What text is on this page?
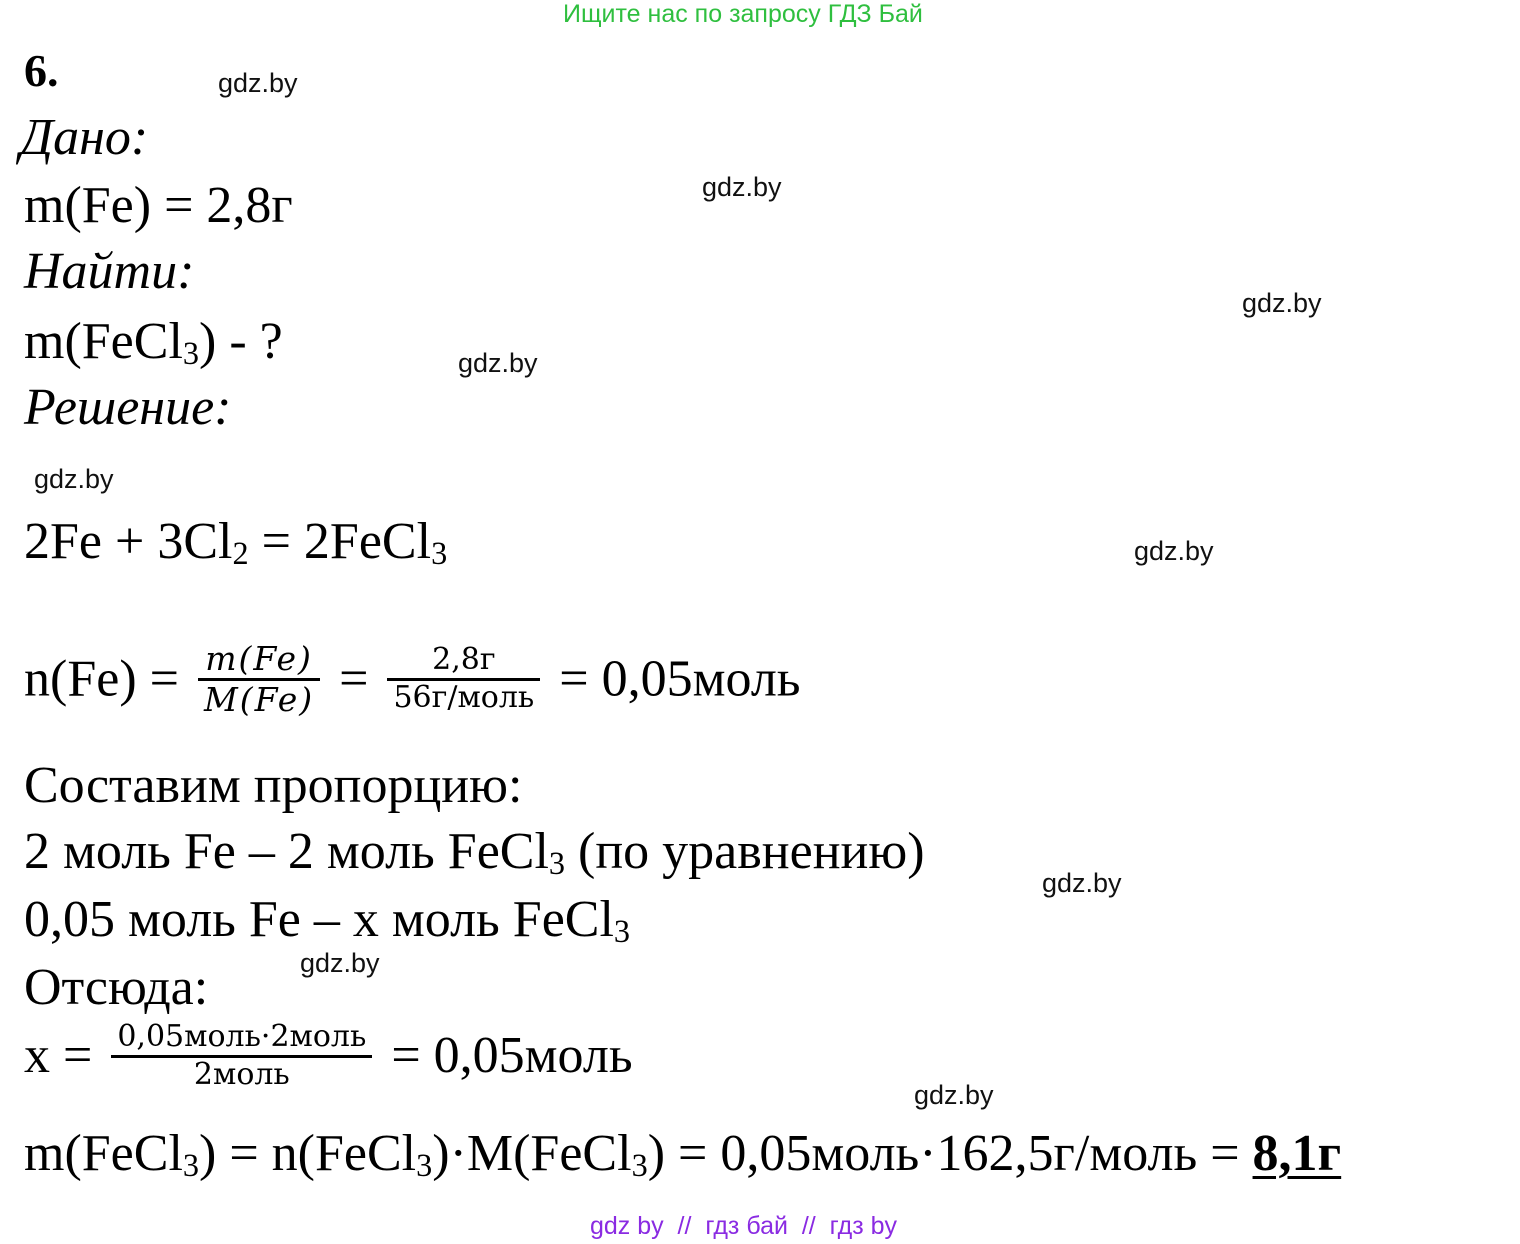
Ищите нас по запросу ГДЗ Бай
6.	gdz.by
gdz.by
gdz.by
gdz.by
gdz.by
gdz.by
gdz.by
gdz.by
gdz.by
Дано:
m(Fe) = 2,8г
Найти:
m(FeCl3) - ?
Решение:
2Fe + 3Cl2 = 2FeCl3
$n(Fe) = \frac{m(Fe)}{M(Fe)} = \frac{2,8г}{\text{56г/моль}}$ = 0,05моль
Составим пропорцию:
2 моль Fe – 2 моль FeCl3 (по уравнению)
0,05 моль Fe – x моль FeCl3
Отсюда:
$x = \frac{\text{0,05моль·2моль}}{\text{2моль}}$ = 0,05моль
m(FeCl3) = n(FeCl3)·M(FeCl3) = 0,05моль·162,5г/моль = 8,1г
gdz by  //  гдз бай  //  гдз by
